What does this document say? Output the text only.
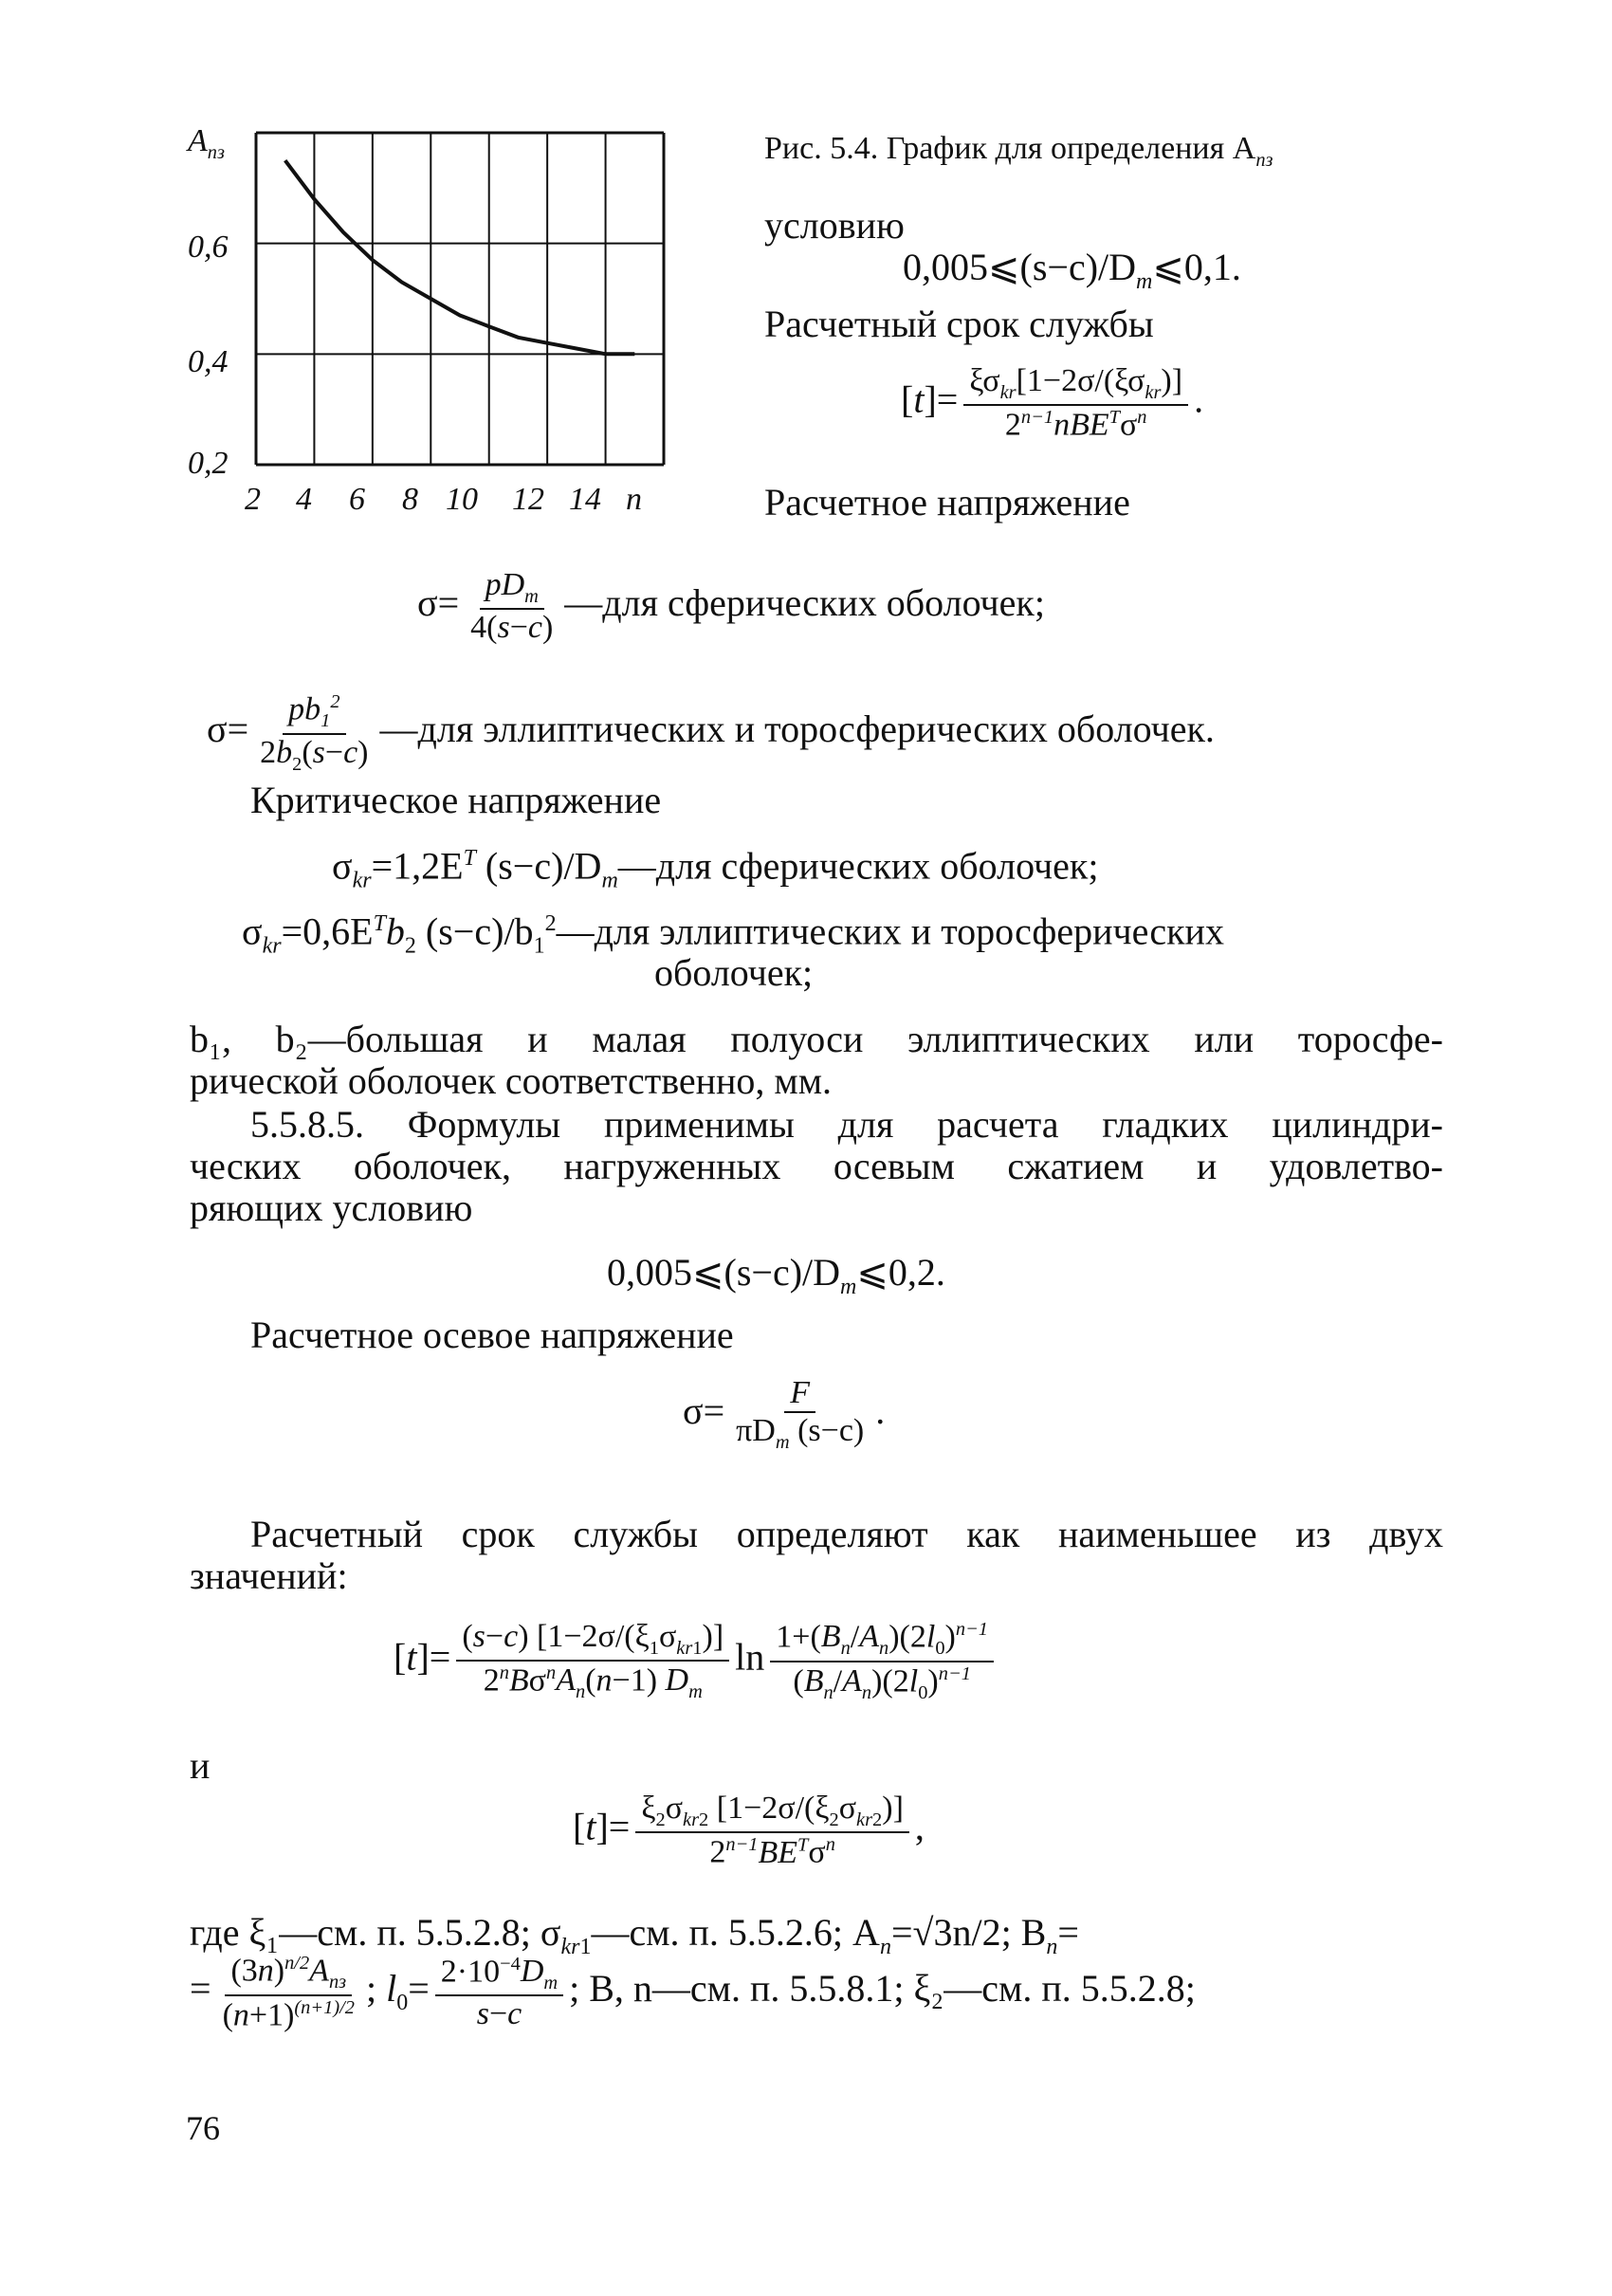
$A_{пз}$
0,6
0,4
0,2
2 4 6 8 10 12 14 n
Рис. 5.4. График для определения $A_{пз}$
условию
$0,005⩽(s-c)/D_m⩽0,1$.
Расчетный срок службы
$[t]= \frac{\xi\sigma_{kr}[1-2\sigma/(\xi\sigma_{kr})]}{2^{n-1}nBE^T\sigma^n}$ .
Расчетное напряжение
$\sigma= \frac{pD_m}{4(s-c)}$ —для сферических оболочек;
$\sigma= \frac{pb_1^2}{2b_2(s-c)}$ —для эллиптических и торосферических оболочек.
Критическое напряжение
$\sigma_{kr}=1,2E^T$ $(s-c)/D_m—для$ сферических оболочек;
$\sigma_{kr}=0,6E^Tb_2$ $(s-c)/b_1^2—для$ эллиптических и торосферических
оболочек;
b₁, b₂—большая и малая полуоси эллиптических или торосфе-
рической оболочек соответственно, мм.
5.5.8.5. Формулы применимы для расчета гладких цилиндри-
ческих оболочек, нагруженных осевым сжатием и удовлетво-
ряющих условию
$0,005⩽(s-c)/D_m⩽0,2$.
Расчетное осевое напряжение
$\sigma= \frac{F}{\pi D_m (s-c)}$ .
Расчетный срок службы определяют как наименьшее из двух
значений:
$[t]= \frac{(s-c) [1-2\sigma/(\xi_1\sigma_{kr1})]}{2^nB\sigma^nA_n(n-1) D_m}$ $\ln \frac{1+(B_n/A_n)(2l_0)^{n-1}}{(B_n/A_n)(2l_0)^{n-1}}$
и
$[t]= \frac{\xi_2\sigma_{kr2} [1-2\sigma/(\xi_2\sigma_{kr2})]}{2^{n-1}BE^T\sigma^n}$ ,
где ξ₁—см. п. 5.5.2.8; $\sigma_{kr1}—см$. п. 5.5.2.6; $A_n=√3n/2$; $B_n=$
= $\frac{(3n)^{n/2}A_{пз}}{(n+1)^{(n+1)/2}}$ ; $l_0= \frac{2\cdot 10^{-4}D_m}{s-c}$ ; B, n—см. п. 5.5.8.1; ξ₂—см. п. 5.5.2.8;
76
